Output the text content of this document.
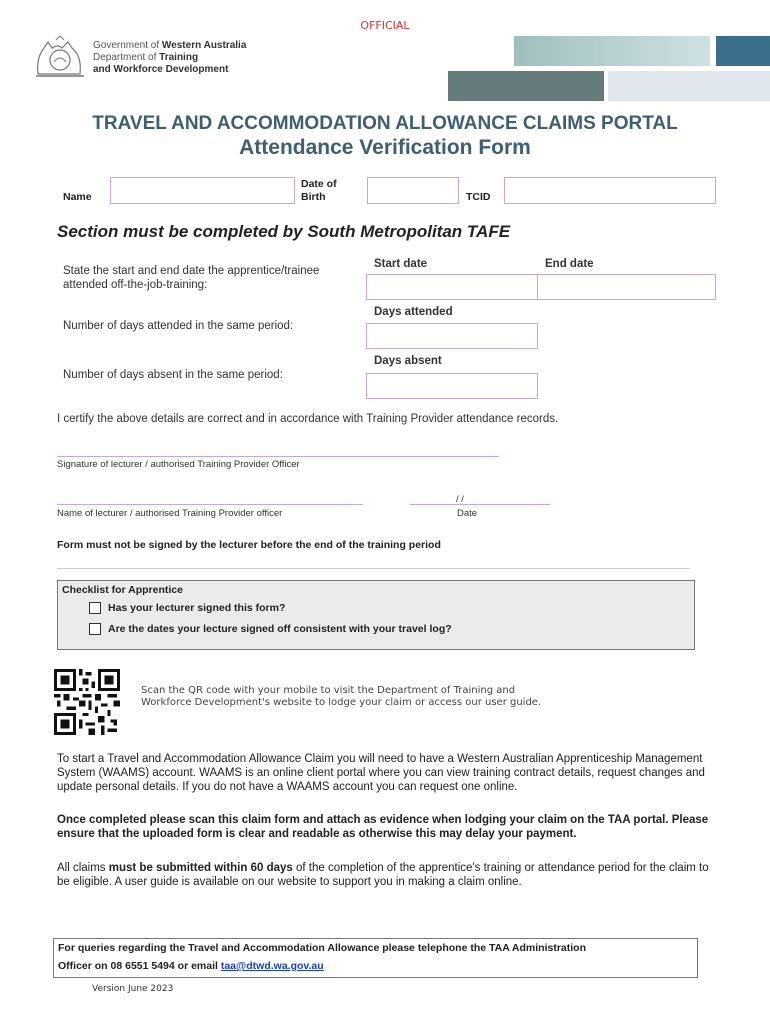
OFFICIAL
Government of Western Australia
Department of Training
and Workforce Development
TRAVEL AND ACCOMMODATION ALLOWANCE CLAIMS PORTAL
Attendance Verification Form
Name
Date of
Birth	TCID
Section must be completed by South Metropolitan TAFE
State the start and end date the apprentice/trainee
attended off-the-job-training:
Start date	End date
Number of days attended in the same period:
Days attended
Number of days absent in the same period:
Days absent
I certify the above details are correct and in accordance with Training Provider attendance records.
Signature of lecturer / authorised Training Provider Officer
Name of lecturer / authorised Training Provider officer
/ /
Date
Form must not be signed by the lecturer before the end of the training period
Checklist for Apprentice
Has your lecturer signed this form?
Are the dates your lecture signed off consistent with your travel log?
Scan the QR code with your mobile to visit the Department of Training and
Workforce Development's website to lodge your claim or access our user guide.
To start a Travel and Accommodation Allowance Claim you will need to have a Western Australian Apprenticeship Management System (WAAMS) account. WAAMS is an online client portal where you can view training contract details, request changes and update personal details. If you do not have a WAAMS account you can request one online.
Once completed please scan this claim form and attach as evidence when lodging your claim on the TAA portal. Please ensure that the uploaded form is clear and readable as otherwise this may delay your payment.
All claims must be submitted within 60 days of the completion of the apprentice's training or attendance period for the claim to be eligible. A user guide is available on our website to support you in making a claim online.
For queries regarding the Travel and Accommodation Allowance please telephone the TAA Administration
Officer on 08 6551 5494 or email taa@dtwd.wa.gov.au
Version June 2023
